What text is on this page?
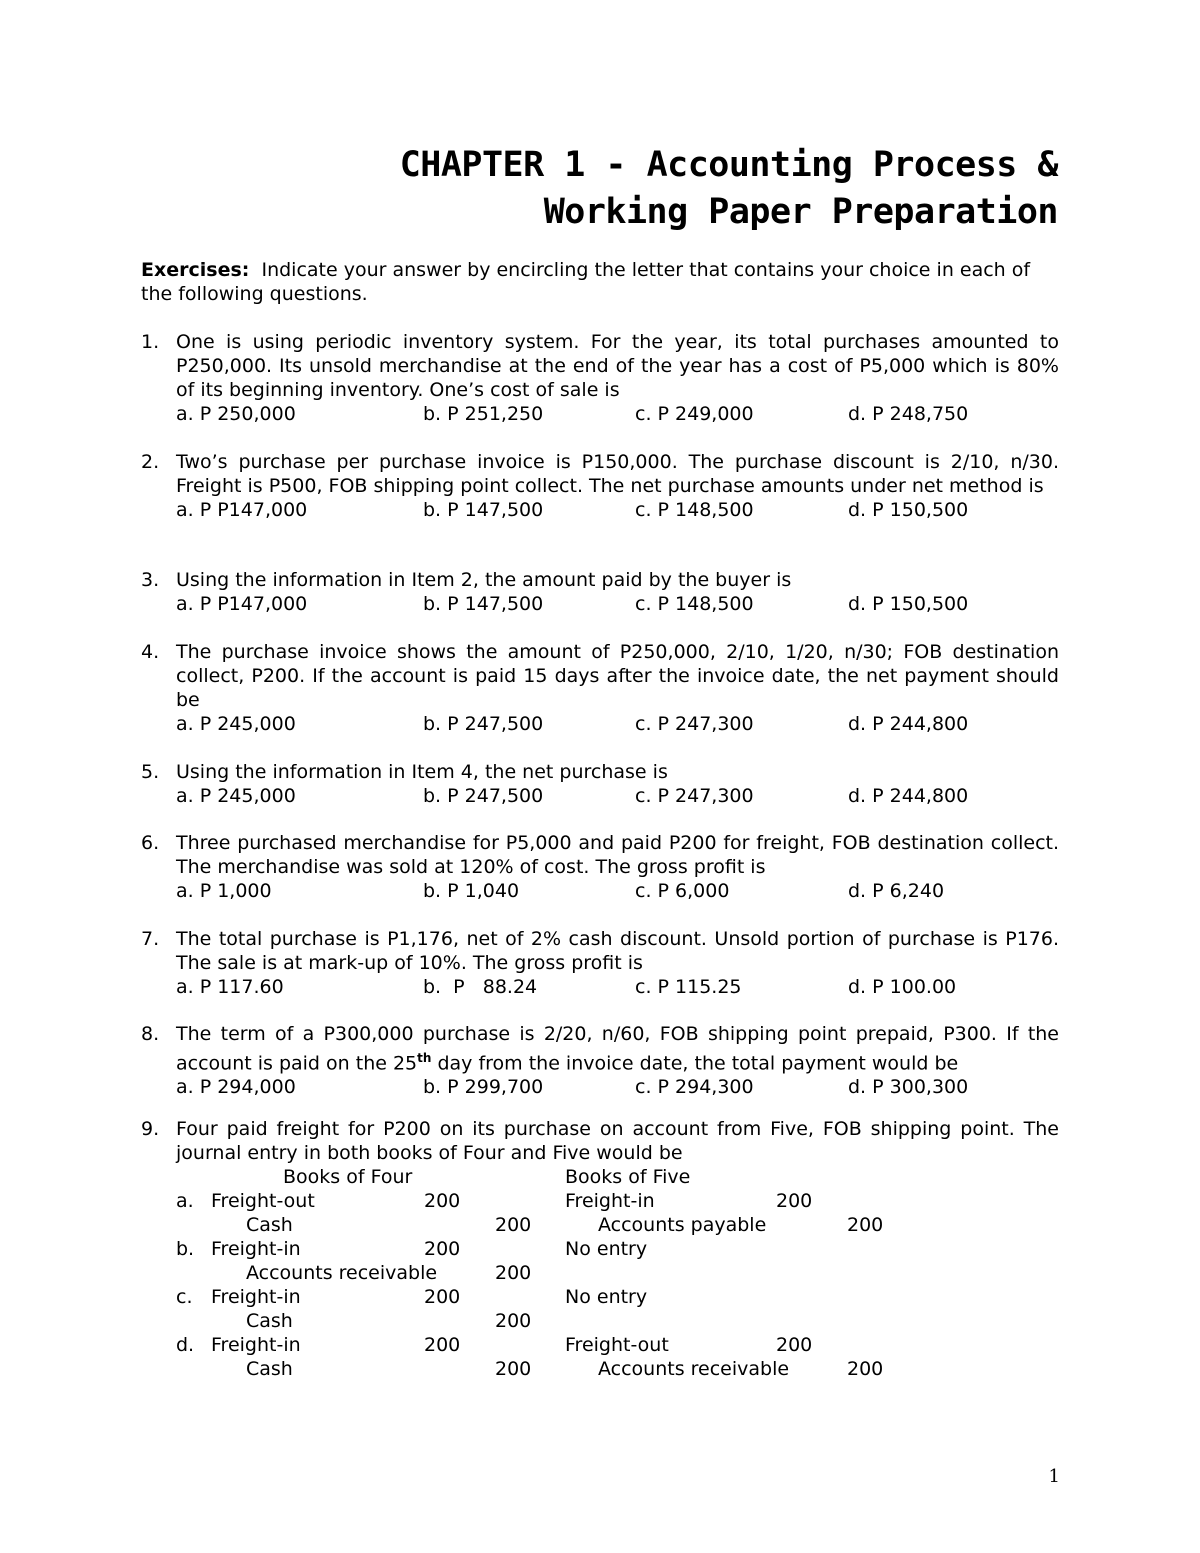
CHAPTER 1 - Accounting Process &
Working Paper Preparation
Exercises: Indicate your answer by encircling the letter that contains your choice in each of the following questions.
1. One is using periodic inventory system. For the year, its total purchases amounted to P250,000. Its unsold merchandise at the end of the year has a cost of P5,000 which is 80% of its beginning inventory. One’s cost of sale is
a. P 250,000	b. P 251,250	c. P 249,000	d. P 248,750
2. Two’s purchase per purchase invoice is P150,000. The purchase discount is 2/10, n/30. Freight is P500, FOB shipping point collect. The net purchase amounts under net method is
a. P P147,000	b. P 147,500	c. P 148,500	d. P 150,500
3. Using the information in Item 2, the amount paid by the buyer is
a. P P147,000	b. P 147,500	c. P 148,500	d. P 150,500
4. The purchase invoice shows the amount of P250,000, 2/10, 1/20, n/30; FOB destination collect, P200. If the account is paid 15 days after the invoice date, the net payment should be
a. P 245,000	b. P 247,500	c. P 247,300	d. P 244,800
5. Using the information in Item 4, the net purchase is
a. P 245,000	b. P 247,500	c. P 247,300	d. P 244,800
6. Three purchased merchandise for P5,000 and paid P200 for freight, FOB destination collect. The merchandise was sold at 120% of cost. The gross profit is
a. P 1,000	b. P 1,040	c. P 6,000	d. P 6,240
7. The total purchase is P1,176, net of 2% cash discount. Unsold portion of purchase is P176. The sale is at mark-up of 10%. The gross profit is
a. P 117.60	b.  P   88.24	c. P 115.25	d. P 100.00
8. The term of a P300,000 purchase is 2/20, n/60, FOB shipping point prepaid, P300. If the account is paid on the 25th day from the invoice date, the total payment would be
a. P 294,000	b. P 299,700	c. P 294,300	d. P 300,300
9. Four paid freight for P200 on its purchase on account from Five, FOB shipping point. The journal entry in both books of Four and Five would be
Books of Four	Books of Five
a. Freight-out	200	Freight-in	200
Cash	200	Accounts payable	200
b. Freight-in	200	No entry
Accounts receivable	200
c. Freight-in	200	No entry
Cash	200
d. Freight-in	200	Freight-out	200
Cash	200	Accounts receivable	200
1
